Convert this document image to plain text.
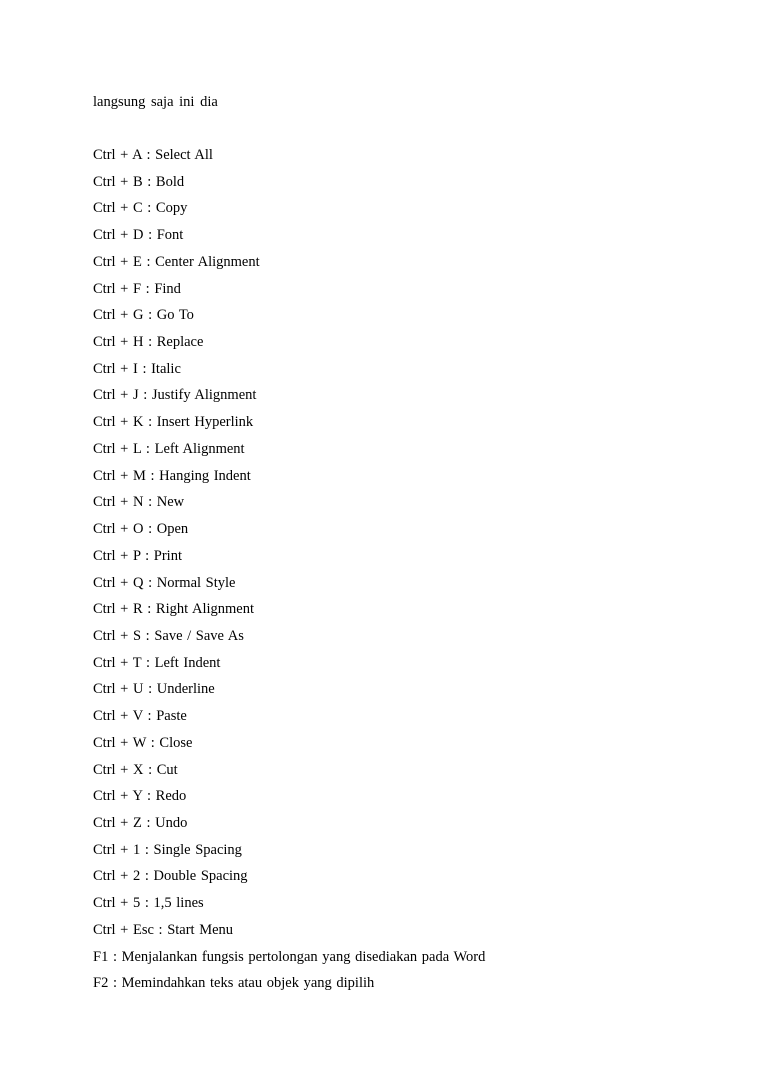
langsung saja ini dia
Ctrl + A : Select All
Ctrl + B : Bold
Ctrl + C : Copy
Ctrl + D : Font
Ctrl + E : Center Alignment
Ctrl + F : Find
Ctrl + G : Go To
Ctrl + H : Replace
Ctrl + I : Italic
Ctrl + J : Justify Alignment
Ctrl + K : Insert Hyperlink
Ctrl + L : Left Alignment
Ctrl + M : Hanging Indent
Ctrl + N : New
Ctrl + O : Open
Ctrl + P : Print
Ctrl + Q : Normal Style
Ctrl + R : Right Alignment
Ctrl + S : Save / Save As
Ctrl + T : Left Indent
Ctrl + U : Underline
Ctrl + V : Paste
Ctrl + W : Close
Ctrl + X : Cut
Ctrl + Y : Redo
Ctrl + Z : Undo
Ctrl + 1 : Single Spacing
Ctrl + 2 : Double Spacing
Ctrl + 5 : 1,5 lines
Ctrl + Esc : Start Menu
F1 : Menjalankan fungsis pertolongan yang disediakan pada Word
F2 : Memindahkan teks atau objek yang dipilih
